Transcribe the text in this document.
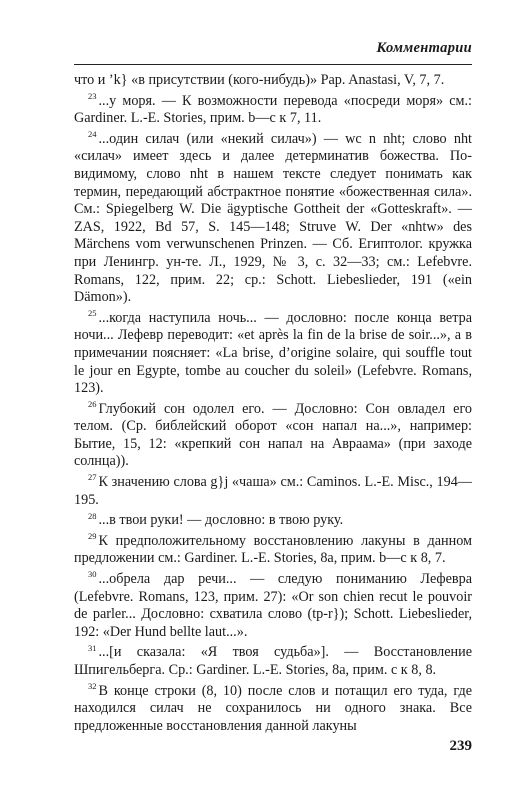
Комментарии

что и ’k} «в присутствии (кого-нибудь)» Pap. Anastasi, V, 7, 7.

$^{23}$ ...у моря. — К возможности перевода «посреди моря» см.: Gardiner. L.-E. Stories, прим. b—c к 7, 11.

$^{24}$ ...один силач (или «некий силач») — wc n nht; слово nht «силач» имеет здесь и далее детерминатив божества. По-видимому, слово nht в нашем тексте следует понимать как термин, передающий абстрактное понятие «божественная сила». См.: Spiegelberg W. Die ägyptische Gottheit der «Gotteskraft». — ZAS, 1922, Bd 57, S. 145—148; Struve W. Der «nhtw» des Märchens vom verwunschenen Prinzen. — Сб. Египтолог. кружка при Ленингр. ун-те. Л., 1929, № 3, с. 32—33; см.: Lefebvre. Romans, 122, прим. 22; ср.: Schott. Liebeslieder, 191 («ein Dämon»).

$^{25}$ ...когда наступила ночь... — дословно: после конца ветра ночи... Лефевр переводит: «et après la fin de la brise de soir...», а в примечании поясняет: «La brise, d’origine solaire, qui souffle tout le jour en Egypte, tombe au coucher du soleil» (Lefebvre. Romans, 123).

$^{26}$ Глубокий сон одолел его. — Дословно: Сон овладел его телом. (Ср. библейский оборот «сон напал на...», например: Бытие, 15, 12: «крепкий сон напал на Авраама» (при заходе солнца)).

$^{27}$ К значению слова g}j «чаша» см.: Caminos. L.-E. Misc., 194—195.

$^{28}$ ...в твои руки! — дословно: в твою руку.

$^{29}$ К предположительному восстановлению лакуны в данном предложении см.: Gardiner. L.-E. Stories, 8a, прим. b—c к 8, 7.

$^{30}$ ...обрела дар речи... — следую пониманию Лефевра (Lefebvre. Romans, 123, прим. 27): «Or son chien recut le pouvoir de parler... Дословно: схватила слово (tp-r}); Schott. Liebeslieder, 192: «Der Hund bellte laut...».

$^{31}$ ...[и сказала: «Я твоя судьба»]. — Восстановление Шпигельберга. Ср.: Gardiner. L.-E. Stories, 8a, прим. c к 8, 8.

$^{32}$ В конце строки (8, 10) после слов и потащил его туда, где находился силач не сохранилось ни одного знака. Все предложенные восстановления данной лакуны

239
